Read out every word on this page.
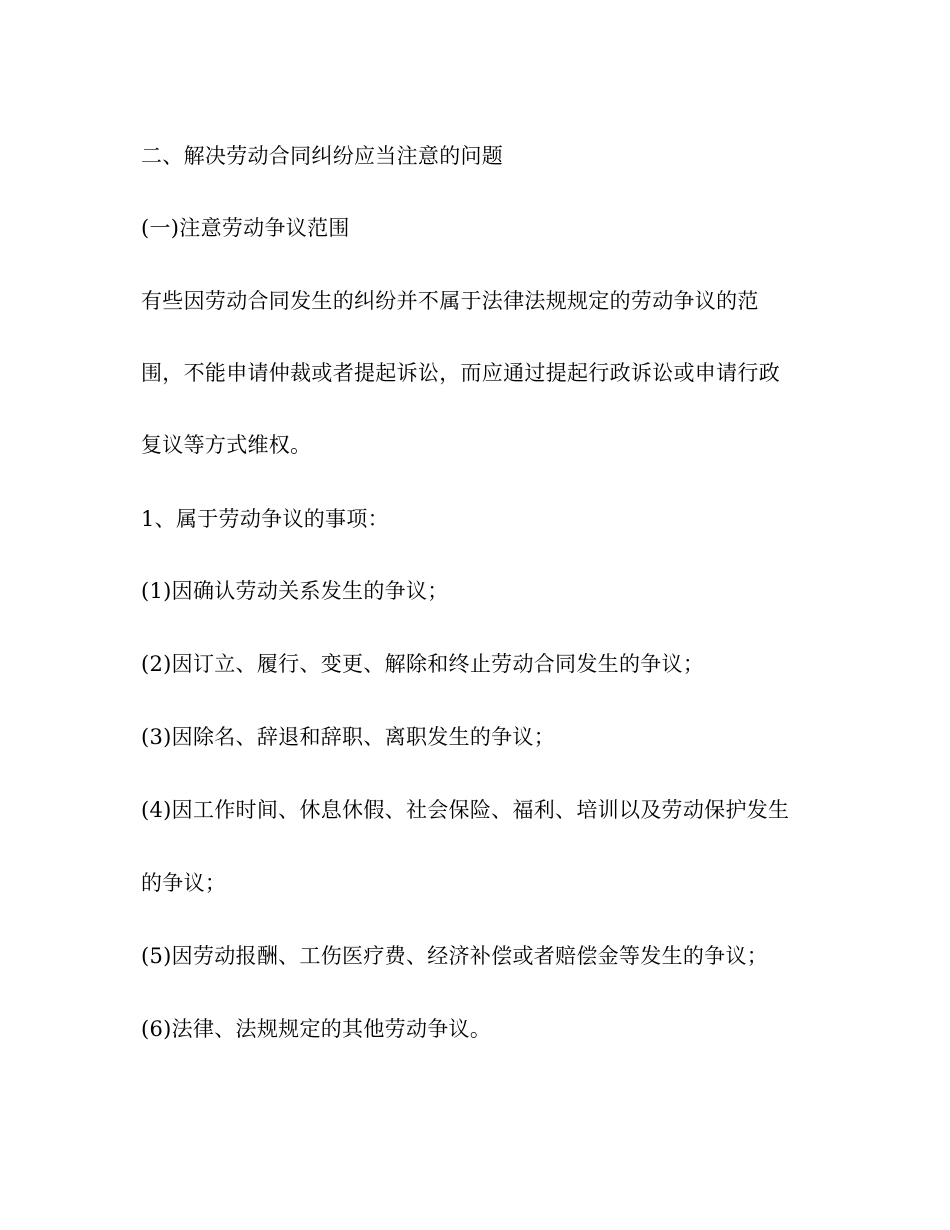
二、解决劳动合同纠纷应当注意的问题
(一)注意劳动争议范围
有些因劳动合同发生的纠纷并不属于法律法规规定的劳动争议的范
围，不能申请仲裁或者提起诉讼，而应通过提起行政诉讼或申请行政
复议等方式维权。
1、属于劳动争议的事项：
(1)因确认劳动关系发生的争议；
(2)因订立、履行、变更、解除和终止劳动合同发生的争议；
(3)因除名、辞退和辞职、离职发生的争议；
(4)因工作时间、休息休假、社会保险、福利、培训以及劳动保护发生
的争议；
(5)因劳动报酬、工伤医疗费、经济补偿或者赔偿金等发生的争议；
(6)法律、法规规定的其他劳动争议。
